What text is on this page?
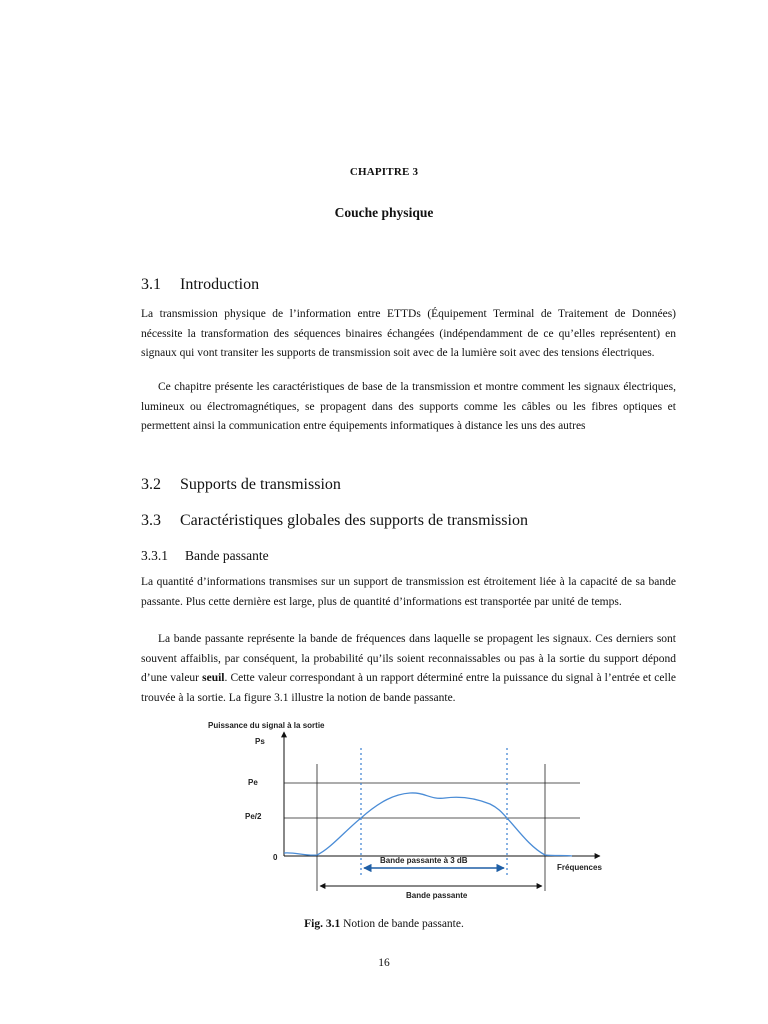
CHAPITRE 3
Couche physique
3.1 Introduction

La transmission physique de l’information entre ETTDs (Équipement Terminal de Traitement de Données) nécessite la transformation des séquences binaires échangées (indépendamment de ce qu’elles représentent) en signaux qui vont transiter les supports de transmission soit avec de la lumière soit avec des tensions électriques.

Ce chapitre présente les caractéristiques de base de la transmission et montre comment les signaux électriques, lumineux ou électromagnétiques, se propagent dans des supports comme les câbles ou les fibres optiques et permettent ainsi la communication entre équipements informatiques à distance les uns des autres

3.2 Supports de transmission
3.3 Caractéristiques globales des supports de transmission
3.3.1 Bande passante

La quantité d’informations transmises sur un support de transmission est étroitement liée à la capacité de sa bande passante. Plus cette dernière est large, plus de quantité d’informations est transportée par unité de temps.

La bande passante représente la bande de fréquences dans laquelle se propagent les signaux. Ces derniers sont souvent affaiblis, par conséquent, la probabilité qu’ils soient reconnaissables ou pas à la sortie du support dépond d’une valeur seuil. Cette valeur correspondant à un rapport déterminé entre la puissance du signal à l’entrée et celle trouvée à la sortie. La figure 3.1 illustre la notion de bande passante.

Puissance du signal à la sortie
Ps
Pe
Pe/2
0
Fréquences
Bande passante à 3 dB
Bande passante
Fig. 3.1 Notion de bande passante.
16
